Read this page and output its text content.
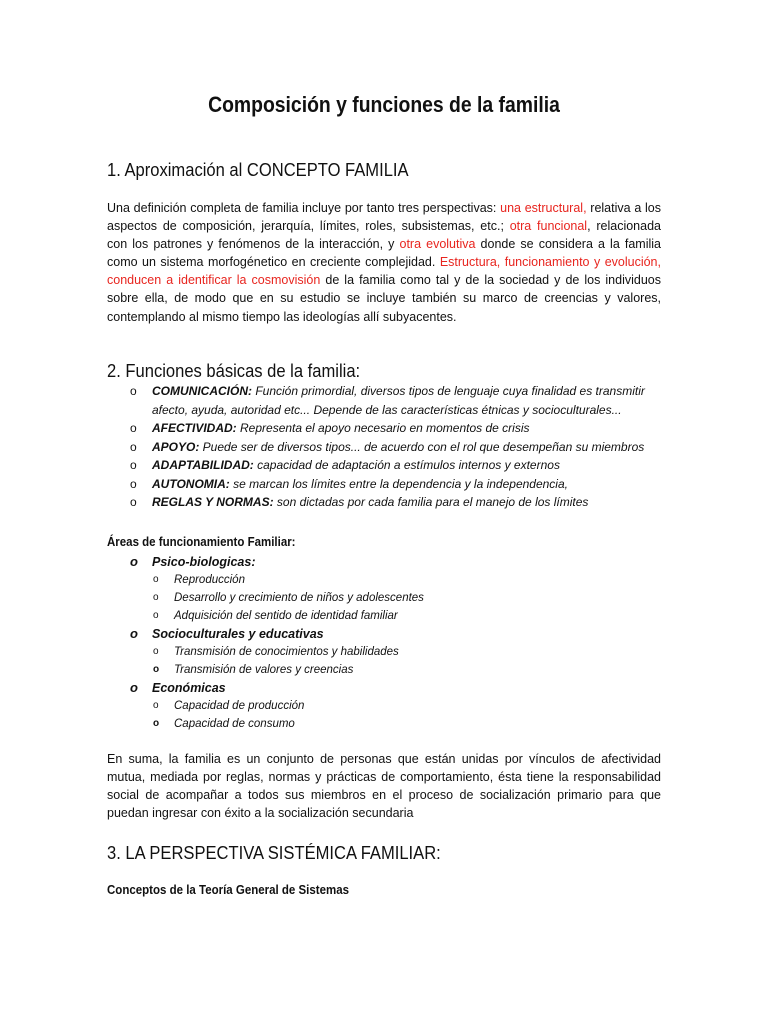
Composición y funciones de la familia
1. Aproximación al CONCEPTO FAMILIA

Una definición completa de familia incluye por tanto tres perspectivas: una estructural, relativa a los aspectos de composición, jerarquía, límites, roles, subsistemas, etc.; otra funcional, relacionada con los patrones y fenómenos de la interacción, y otra evolutiva donde se considera a la familia como un sistema morfogénetico en creciente complejidad. Estructura, funcionamiento y evolución, conducen a identificar la cosmovisión de la familia como tal y de la sociedad y de los individuos sobre ella, de modo que en su estudio se incluye también su marco de creencias y valores, contemplando al mismo tiempo las ideologías allí subyacentes.

2. Funciones básicas de la familia:
o COMUNICACIÓN: Función primordial, diversos tipos de lenguaje cuya finalidad es transmitir afecto, ayuda, autoridad etc... Depende de las características étnicas y socioculturales...
o AFECTIVIDAD: Representa el apoyo necesario en momentos de crisis
o APOYO: Puede ser de diversos tipos... de acuerdo con el rol que desempeñan su miembros
o ADAPTABILIDAD: capacidad de adaptación a estímulos internos y externos
o AUTONOMIA: se marcan los límites entre la dependencia y la independencia,
o REGLAS Y NORMAS: son dictadas por cada familia para el manejo de los límites
Áreas de funcionamiento Familiar:
o Psico-biologicas:
o Reproducción
o Desarrollo y crecimiento de niños y adolescentes
o Adquisición del sentido de identidad familiar
o Socioculturales y educativas
o Transmisión de conocimientos y habilidades
o Transmisión de valores y creencias
o Económicas
o Capacidad de producción
o Capacidad de consumo

En suma, la familia es un conjunto de personas que están unidas por vínculos de afectividad mutua, mediada por reglas, normas y prácticas de comportamiento, ésta tiene la responsabilidad social de acompañar a todos sus miembros en el proceso de socialización primario para que puedan ingresar con éxito a la socialización secundaria

3. LA PERSPECTIVA SISTÉMICA FAMILIAR:
Conceptos de la Teoría General de Sistemas
